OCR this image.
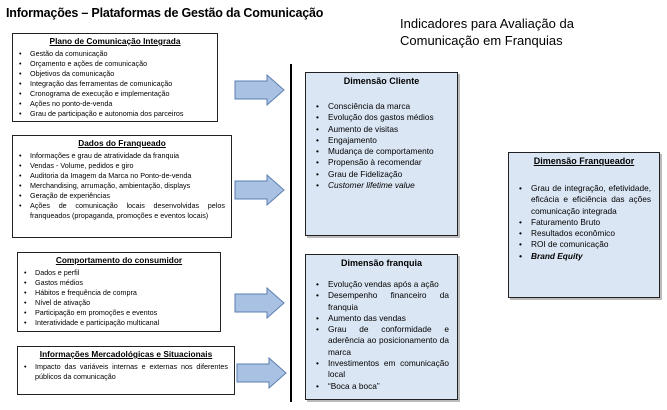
Informações – Plataformas de Gestão da Comunicação
Indicadores para Avaliação da
Comunicação em Franquias
Plano de Comunicação Integrada
• Gestão da comunicação
• Orçamento e ações de comunicação
• Objetivos da comunicação
• Integração das ferramentas de comunicação
• Cronograma de execução e implementação
• Ações no ponto-de-venda
• Grau de participação e autonomia dos parceiros
Dados do Franqueado
• Informações e grau de atratividade da franquia
• Vendas - Volume, pedidos e giro
• Auditoria da Imagem da Marca no Ponto-de-venda
• Merchandising, arrumação, ambientação, displays
• Geração de experiências
• Ações de comunicação locais desenvolvidas pelos franqueados (propaganda, promoções e eventos locais)
Comportamento do consumidor
• Dados e perfil
• Gastos médios
• Hábitos e frequência de compra
• Nível de ativação
• Participação em promoções e eventos
• Interatividade e participação multicanal
Informações Mercadológicas e Situacionais
• Impacto das variáveis internas e externas nos diferentes públicos da comunicação
Dimensão Cliente
• Consciência da marca
• Evolução dos gastos médios
• Aumento de visitas
• Engajamento
• Mudança de comportamento
• Propensão à recomendar
• Grau de Fidelização
• Customer lifetime value
Dimensão franquia
• Evolução vendas após a ação
• Desempenho financeiro da franquia
• Aumento das vendas
• Grau de conformidade e aderência ao posicionamento da marca
• Investimentos em comunicação local
• “Boca a boca”
Dimensão Franqueador
• Grau de integração, efetividade, eficácia e eficiência das ações comunicação integrada
• Faturamento Bruto
• Resultados econômico
• ROI de comunicação
• Brand Equity
